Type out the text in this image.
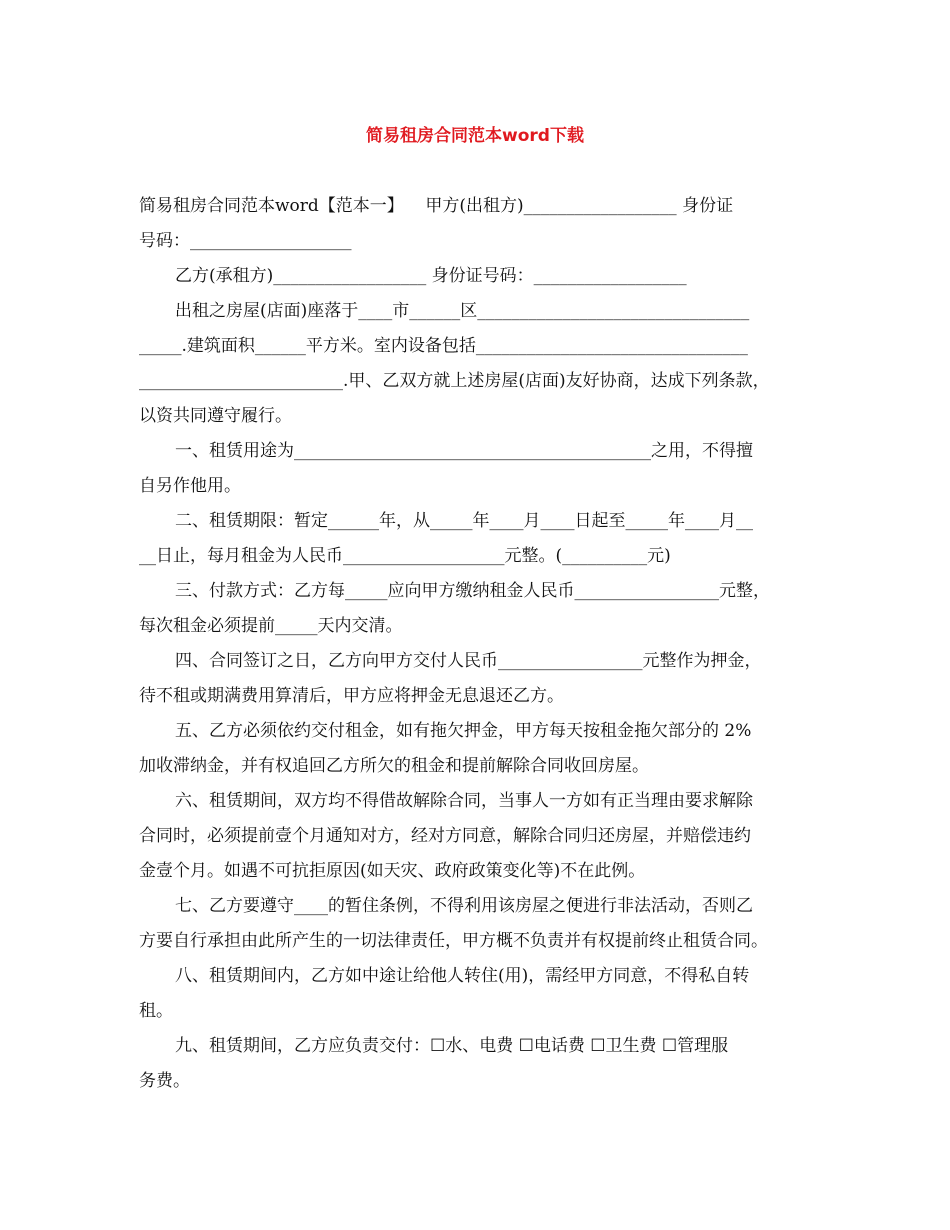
简易租房合同范本word下载
简易租房合同范本word【范本一】    甲方(出租方)__________________ 身份证
号码：___________________
乙方(承租方)__________________ 身份证号码：__________________
出租之房屋(店面)座落于____市______区________________________________
_____.建筑面积______平方米。室内设备包括________________________________
________________________.甲、乙双方就上述房屋(店面)友好协商，达成下列条款，
以资共同遵守履行。
一、租赁用途为__________________________________________之用，不得擅
自另作他用。
二、租赁期限：暂定______年，从_____年____月____日起至_____年____月__
__日止，每月租金为人民币___________________元整。(__________元)
三、付款方式：乙方每_____应向甲方缴纳租金人民币_________________元整，
每次租金必须提前_____天内交清。
四、合同签订之日，乙方向甲方交付人民币_________________元整作为押金，
待不租或期满费用算清后，甲方应将押金无息退还乙方。
五、乙方必须依约交付租金，如有拖欠押金，甲方每天按租金拖欠部分的 2%
加收滞纳金，并有权追回乙方所欠的租金和提前解除合同收回房屋。
六、租赁期间，双方均不得借故解除合同，当事人一方如有正当理由要求解除
合同时，必须提前壹个月通知对方，经对方同意，解除合同归还房屋，并赔偿违约
金壹个月。如遇不可抗拒原因(如天灾、政府政策变化等)不在此例。
七、乙方要遵守____的暂住条例，不得利用该房屋之便进行非法活动，否则乙
方要自行承担由此所产生的一切法律责任，甲方概不负责并有权提前终止租赁合同。
八、租赁期间内，乙方如中途让给他人转住(用)，需经甲方同意，不得私自转
租。
九、租赁期间，乙方应负责交付：☐水、电费 ☐电话费 ☐卫生费 ☐管理服
务费。
